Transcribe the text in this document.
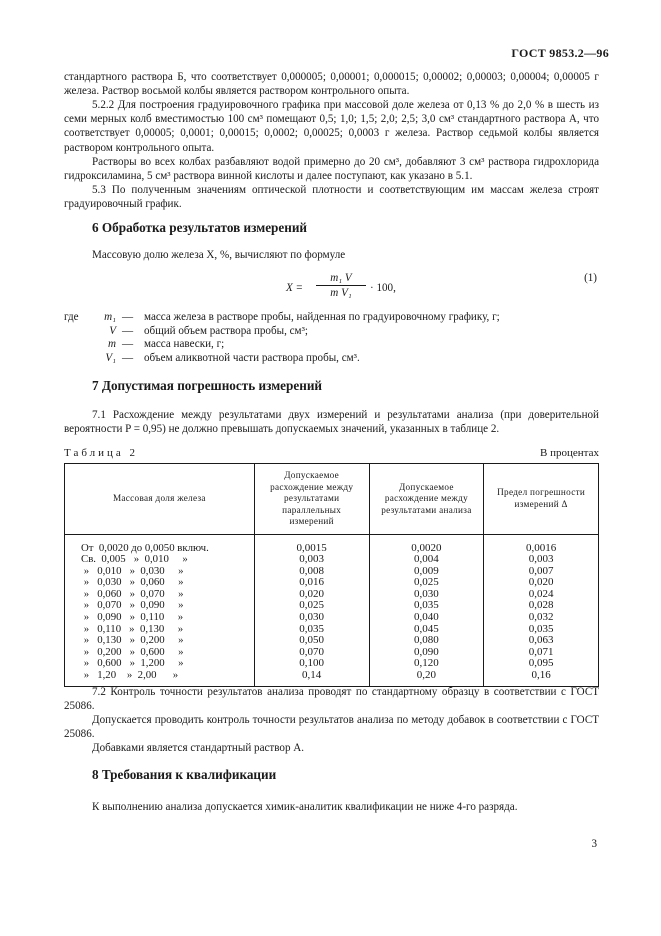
ГОСТ 9853.2—96
стандартного раствора Б, что соответствует 0,000005; 0,00001; 0,000015; 0,00002; 0,00003; 0,00004; 0,00005 г железа. Раствор восьмой колбы является раствором контрольного опыта.
5.2.2 Для построения градуировочного графика при массовой доле железа от 0,13 % до 2,0 % в шесть из семи мерных колб вместимостью 100 см³ помещают 0,5; 1,0; 1,5; 2,0; 2,5; 3,0 см³ стандартного раствора А, что соответствует 0,00005; 0,0001; 0,00015; 0,0002; 0,00025; 0,0003 г железа. Раствор седьмой колбы является раствором контрольного опыта.
Растворы во всех колбах разбавляют водой примерно до 20 см³, добавляют 3 см³ раствора гидрохлорида гидроксиламина, 5 см³ раствора винной кислоты и далее поступают, как указано в 5.1.
5.3 По полученным значениям оптической плотности и соответствующим им массам железа строят градуировочный график.
6 Обработка результатов измерений
Массовую долю железа X, %, вычисляют по формуле
$X = \frac{\text{m₁ V}}{\text{m V₁}} \cdot 100$,
(1)
где	m₁ — масса железа в растворе пробы, найденная по градуировочному графику, г;
V — общий объем раствора пробы, см³;
m — масса навески, г;
V₁ — объем аликвотной части раствора пробы, см³.
7 Допустимая погрешность измерений
7.1 Расхождение между результатами двух измерений и результатами анализа (при доверительной вероятности P = 0,95) не должно превышать допускаемых значений, указанных в таблице 2.
Таблица 2	В процентах
Массовая доля железа	Допускаемое расхождение между результатами параллельных измерений	Допускаемое расхождение между результатами анализа	Предел погрешности измерений Δ
От  0,0020 до 0,0050 включ.	0,0015	0,0020	0,0016
Св.  0,005   »  0,010     »	0,003	0,004	0,003
»   0,010   »  0,030     »	0,008	0,009	0,007
»   0,030   »  0,060     »	0,016	0,025	0,020
»   0,060   »  0,070     »	0,020	0,030	0,024
»   0,070   »  0,090     »	0,025	0,035	0,028
»   0,090   »  0,110     »	0,030	0,040	0,032
»   0,110   »  0,130     »	0,035	0,045	0,035
»   0,130   »  0,200     »	0,050	0,080	0,063
»   0,200   »  0,600     »	0,070	0,090	0,071
»   0,600   »  1,200     »	0,100	0,120	0,095
»   1,20    »  2,00      »	0,14	0,20	0,16
7.2 Контроль точности результатов анализа проводят по стандартному образцу в соответствии с ГОСТ 25086.
Допускается проводить контроль точности результатов анализа по методу добавок в соответствии с ГОСТ 25086.
Добавками является стандартный раствор А.
8 Требования к квалификации
К выполнению анализа допускается химик-аналитик квалификации не ниже 4-го разряда.
3
